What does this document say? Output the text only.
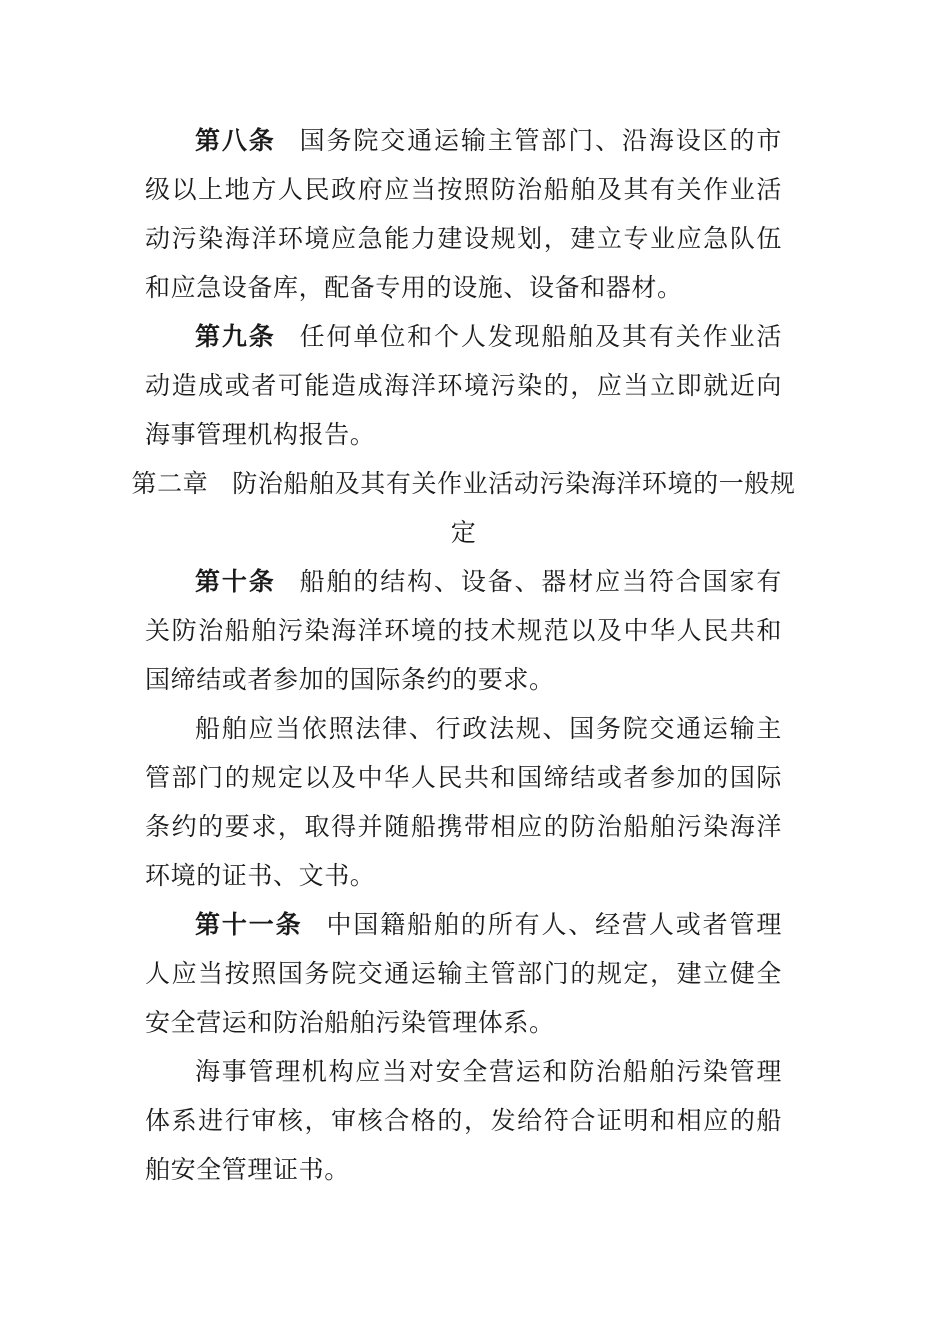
第八条 国务院交通运输主管部门、沿海设区的市级以上地方人民政府应当按照防治船舶及其有关作业活动污染海洋环境应急能力建设规划，建立专业应急队伍和应急设备库，配备专用的设施、设备和器材。

第九条 任何单位和个人发现船舶及其有关作业活动造成或者可能造成海洋环境污染的，应当立即就近向海事管理机构报告。

第二章 防治船舶及其有关作业活动污染海洋环境的一般规定

第十条 船舶的结构、设备、器材应当符合国家有关防治船舶污染海洋环境的技术规范以及中华人民共和国缔结或者参加的国际条约的要求。

船舶应当依照法律、行政法规、国务院交通运输主管部门的规定以及中华人民共和国缔结或者参加的国际条约的要求，取得并随船携带相应的防治船舶污染海洋环境的证书、文书。

第十一条 中国籍船舶的所有人、经营人或者管理人应当按照国务院交通运输主管部门的规定，建立健全安全营运和防治船舶污染管理体系。

海事管理机构应当对安全营运和防治船舶污染管理体系进行审核，审核合格的，发给符合证明和相应的船舶安全管理证书。
